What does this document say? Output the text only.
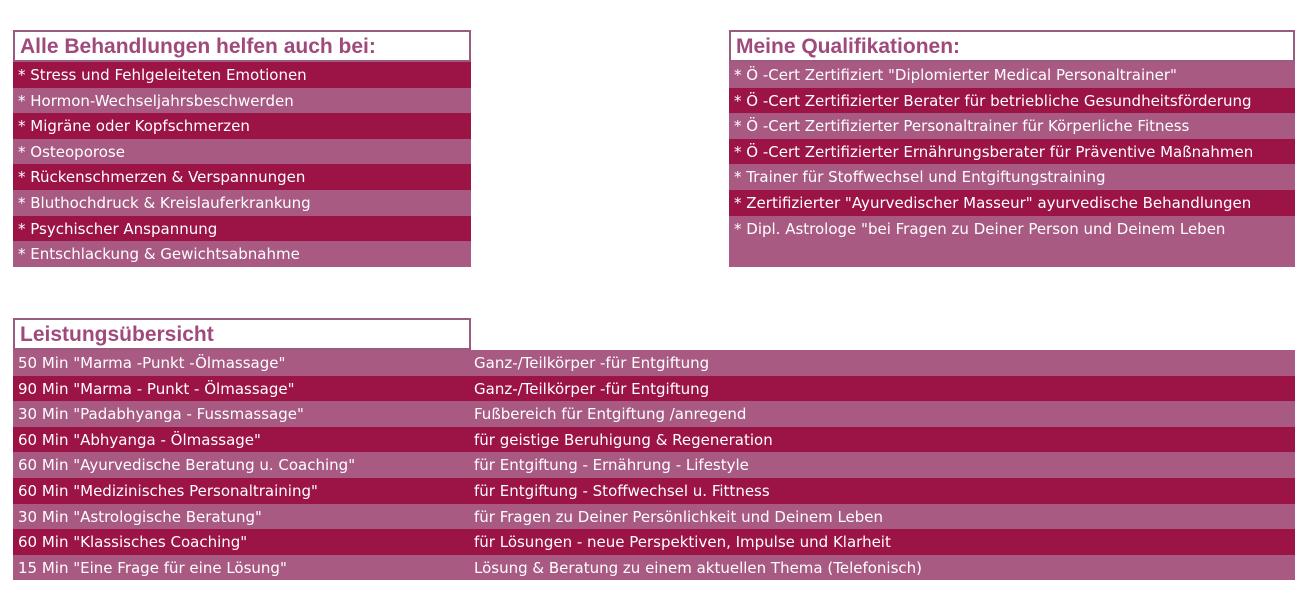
Alle Behandlungen helfen auch bei:
* Stress und Fehlgeleiteten Emotionen
* Hormon-Wechseljahrsbeschwerden
* Migräne oder Kopfschmerzen
* Osteoporose
* Rückenschmerzen & Verspannungen
* Bluthochdruck & Kreislauferkrankung
* Psychischer Anspannung
* Entschlackung & Gewichtsabnahme
Meine Qualifikationen:
* Ö -Cert Zertifiziert "Diplomierter Medical Personaltrainer"
* Ö -Cert Zertifizierter Berater für betriebliche Gesundheitsförderung
* Ö -Cert Zertifizierter Personaltrainer für Körperliche Fitness
* Ö -Cert Zertifizierter Ernährungsberater für Präventive Maßnahmen
* Trainer für Stoffwechsel und Entgiftungstraining
* Zertifizierter "Ayurvedischer Masseur" ayurvedische Behandlungen
* Dipl. Astrologe "bei Fragen zu Deiner Person und Deinem Leben
Leistungsübersicht
50 Min "Marma -Punkt -Ölmassage"	Ganz-/Teilkörper -für Entgiftung
90 Min "Marma - Punkt - Ölmassage"	Ganz-/Teilkörper -für Entgiftung
30 Min "Padabhyanga - Fussmassage"	Fußbereich für Entgiftung /anregend
60 Min "Abhyanga - Ölmassage"	für geistige Beruhigung & Regeneration
60 Min "Ayurvedische Beratung u. Coaching"	für Entgiftung - Ernährung - Lifestyle
60 Min "Medizinisches Personaltraining"	für Entgiftung - Stoffwechsel u. Fittness
30 Min "Astrologische Beratung"	für Fragen zu Deiner Persönlichkeit und Deinem Leben
60 Min "Klassisches Coaching"	für Lösungen - neue Perspektiven, Impulse und Klarheit
15 Min "Eine Frage für eine Lösung"	Lösung & Beratung zu einem aktuellen Thema (Telefonisch)
